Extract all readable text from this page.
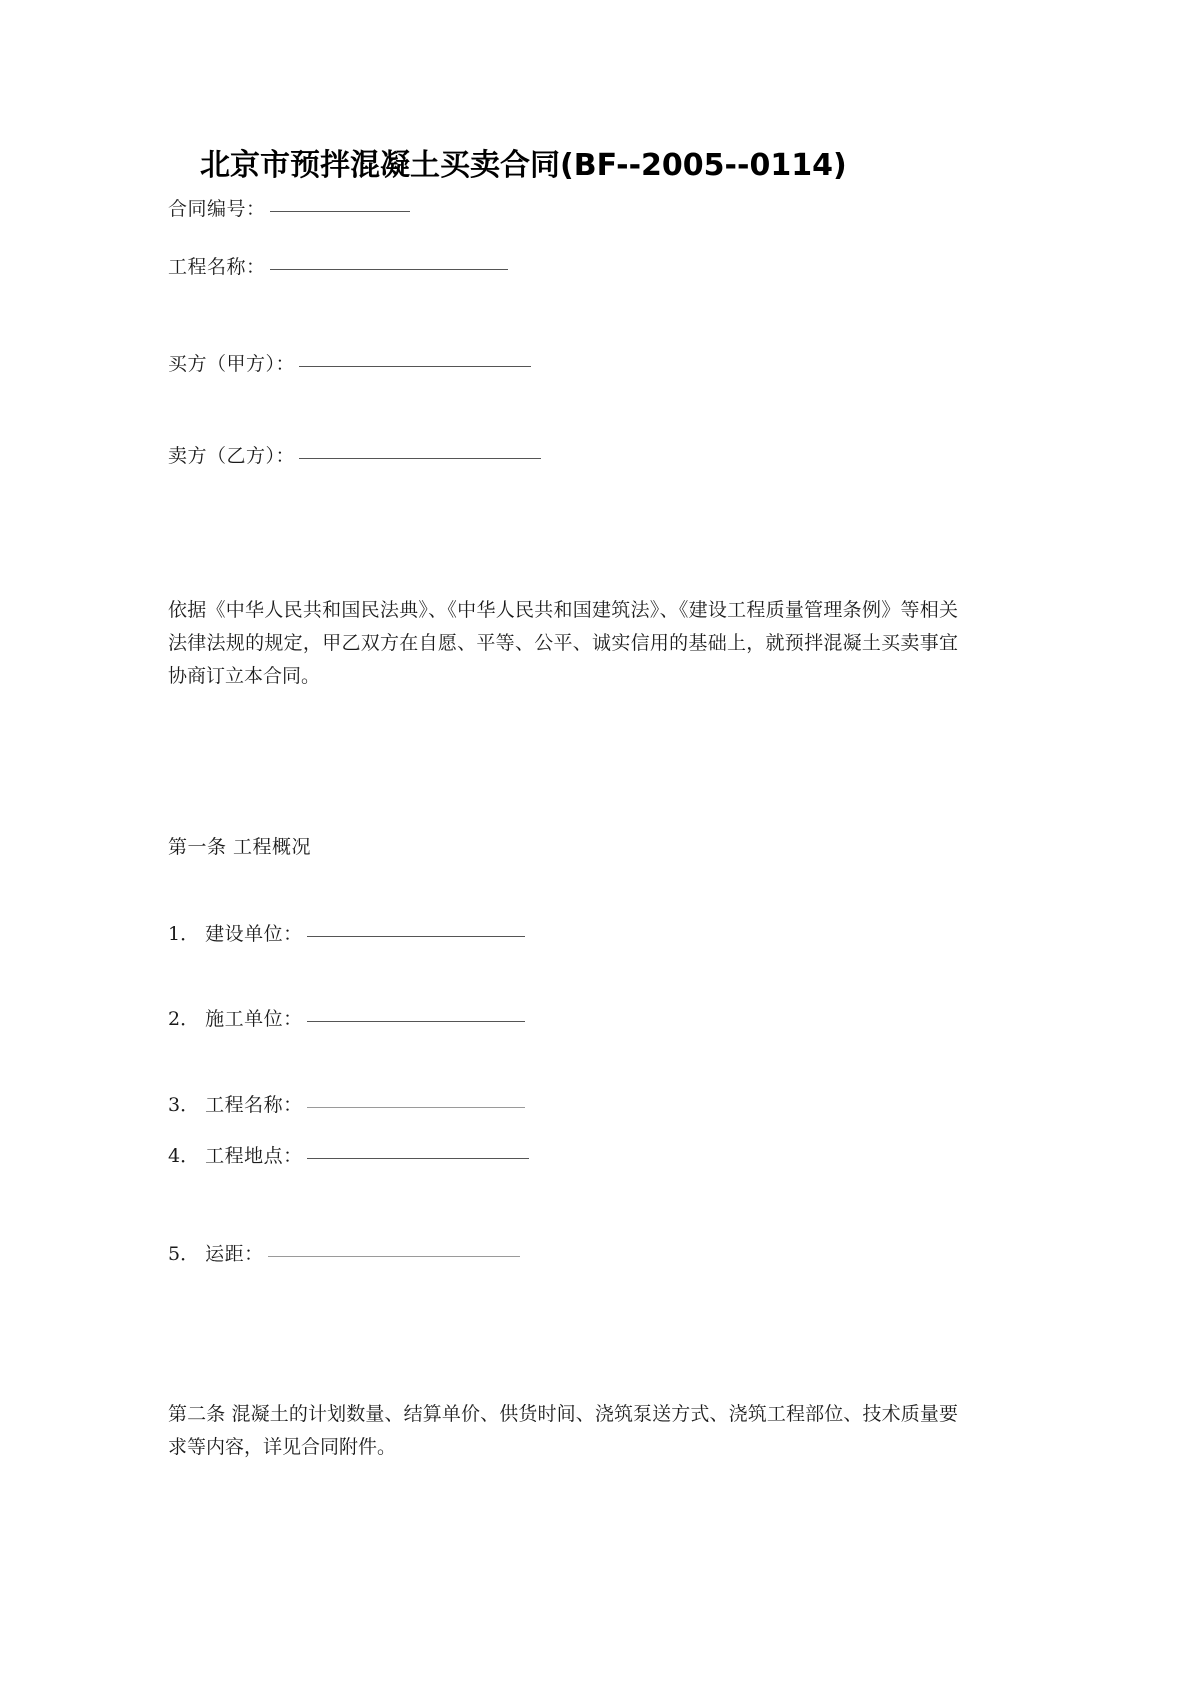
北京市预拌混凝土买卖合同(BF--2005--0114)
合同编号：
工程名称：
买方（甲方）：
卖方（乙方）：

依据《中华人民共和国民法典》、《中华人民共和国建筑法》、《建设工程质量管理条例》等相关法律法规的规定，甲乙双方在自愿、平等、公平、诚实信用的基础上，就预拌混凝土买卖事宜协商订立本合同。

第一条 工程概况

1． 建设单位：
2． 施工单位：
3． 工程名称：
4． 工程地点：
5． 运距：

第二条 混凝土的计划数量、结算单价、供货时间、浇筑泵送方式、浇筑工程部位、技术质量要求等内容，详见合同附件。
